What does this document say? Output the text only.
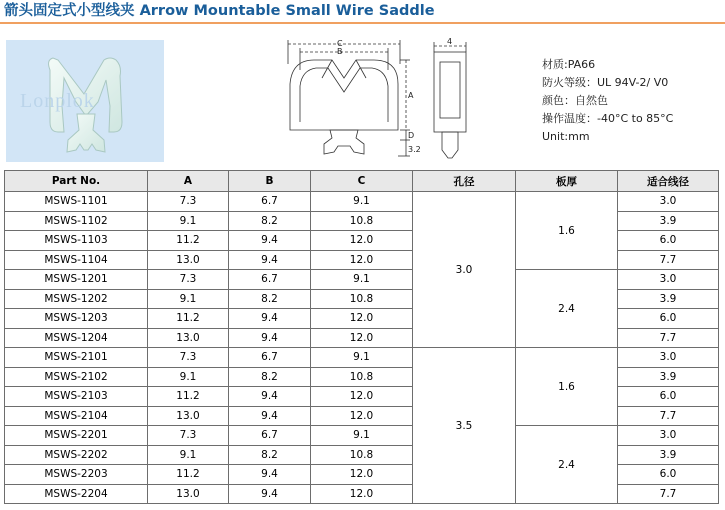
箭头固定式小型线夹 Arrow Mountable Small Wire Saddle
Lonplok
C
B
A
D
3.2
4
材质:PA66
防火等级：UL 94V-2/ V0
颜色：自然色
操作温度：-40°C to 85°C
Unit:mm
Part No.	A	B	C	孔径	板厚	适合线径
MSWS-1101	7.3	6.7	9.1	3.0	1.6	3.0
MSWS-1102	9.1	8.2	10.8			3.9
MSWS-1103	11.2	9.4	12.0			6.0
MSWS-1104	13.0	9.4	12.0			7.7
MSWS-1201	7.3	6.7	9.1		2.4	3.0
MSWS-1202	9.1	8.2	10.8			3.9
MSWS-1203	11.2	9.4	12.0			6.0
MSWS-1204	13.0	9.4	12.0			7.7
MSWS-2101	7.3	6.7	9.1	3.5	1.6	3.0
MSWS-2102	9.1	8.2	10.8			3.9
MSWS-2103	11.2	9.4	12.0			6.0
MSWS-2104	13.0	9.4	12.0			7.7
MSWS-2201	7.3	6.7	9.1		2.4	3.0
MSWS-2202	9.1	8.2	10.8			3.9
MSWS-2203	11.2	9.4	12.0			6.0
MSWS-2204	13.0	9.4	12.0			7.7
